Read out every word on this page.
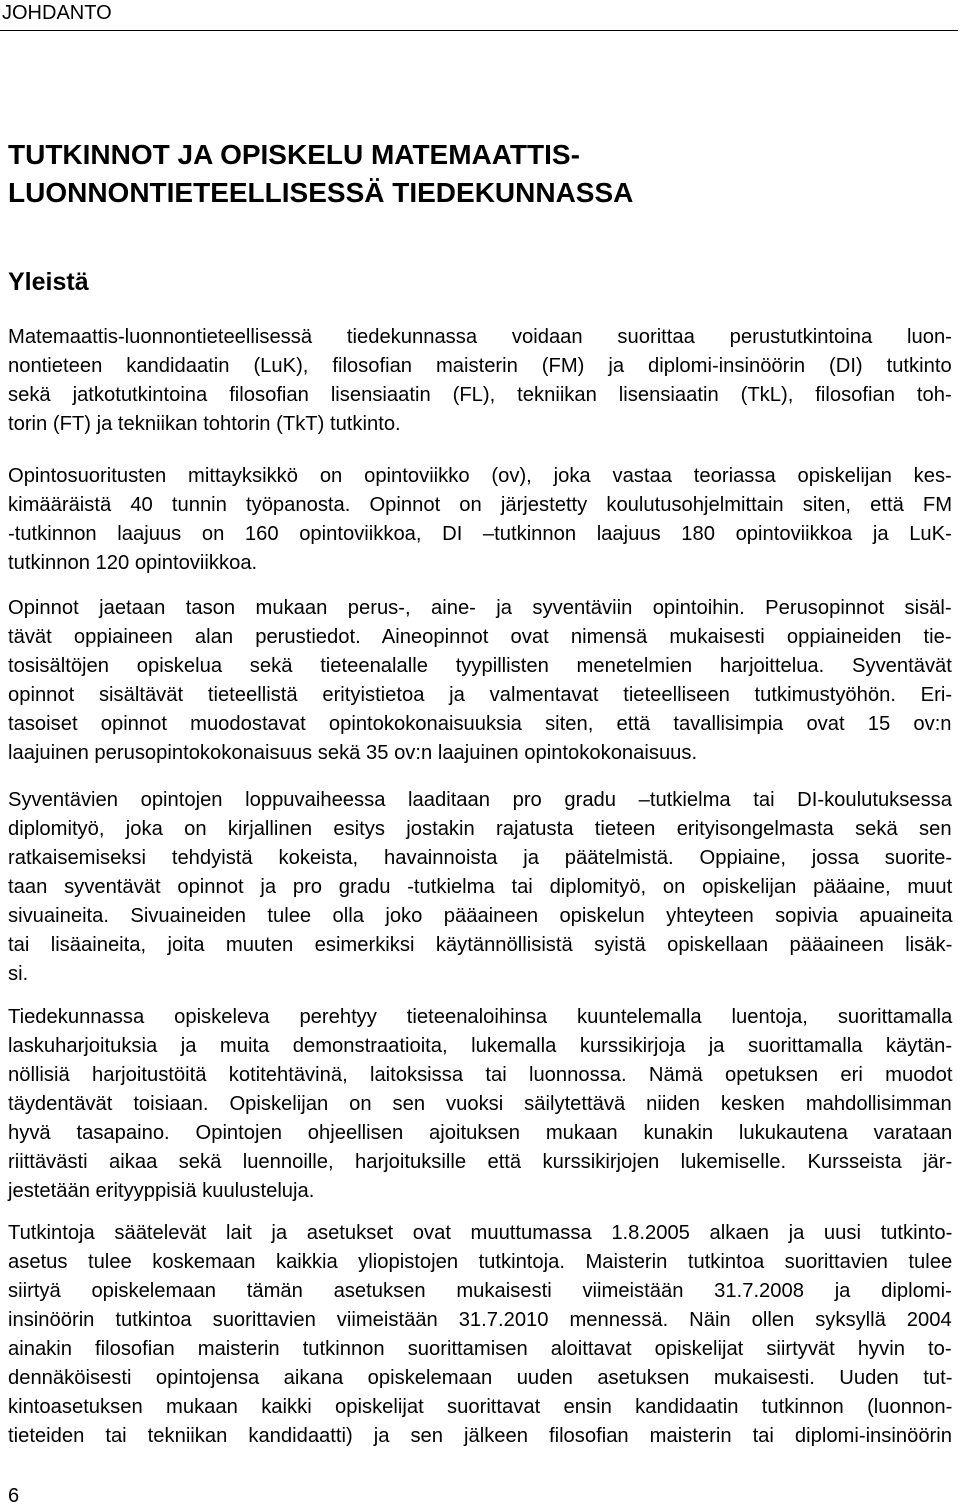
JOHDANTO
TUTKINNOT JA OPISKELU MATEMAATTIS-
LUONNONTIETEELLISESSÄ TIEDEKUNNASSA
Yleistä

Matemaattis-luonnontieteellisessä tiedekunnassa voidaan suorittaa perustutkintoina luon-
nontieteen kandidaatin (LuK), filosofian maisterin (FM) ja diplomi-insinöörin (DI) tutkinto
sekä jatkotutkintoina filosofian lisensiaatin (FL), tekniikan lisensiaatin (TkL), filosofian toh-
torin (FT) ja tekniikan tohtorin (TkT) tutkinto.

Opintosuoritusten mittayksikkö on opintoviikko (ov), joka vastaa teoriassa opiskelijan kes-
kimääräistä 40 tunnin työpanosta. Opinnot on järjestetty koulutusohjelmittain siten, että FM
-tutkinnon laajuus on 160 opintoviikkoa, DI –tutkinnon laajuus 180 opintoviikkoa ja LuK-
tutkinnon 120 opintoviikkoa.

Opinnot jaetaan tason mukaan perus-, aine- ja syventäviin opintoihin. Perusopinnot sisäl-
tävät oppiaineen alan perustiedot. Aineopinnot ovat nimensä mukaisesti oppiaineiden tie-
tosisältöjen opiskelua sekä tieteenalalle tyypillisten menetelmien harjoittelua. Syventävät
opinnot sisältävät tieteellistä erityistietoa ja valmentavat tieteelliseen tutkimustyöhön. Eri-
tasoiset opinnot muodostavat opintokokonaisuuksia siten, että tavallisimpia ovat 15 ov:n
laajuinen perusopintokokonaisuus sekä 35 ov:n laajuinen opintokokonaisuus.

Syventävien opintojen loppuvaiheessa laaditaan pro gradu –tutkielma tai DI-koulutuksessa
diplomityö, joka on kirjallinen esitys jostakin rajatusta tieteen erityisongelmasta sekä sen
ratkaisemiseksi tehdyistä kokeista, havainnoista ja päätelmistä. Oppiaine, jossa suorite-
taan syventävät opinnot ja pro gradu -tutkielma tai diplomityö, on opiskelijan pääaine, muut
sivuaineita. Sivuaineiden tulee olla joko pääaineen opiskelun yhteyteen sopivia apuaineita
tai lisäaineita, joita muuten esimerkiksi käytännöllisistä syistä opiskellaan pääaineen lisäk-
si.

Tiedekunnassa opiskeleva perehtyy tieteenaloihinsa kuuntelemalla luentoja, suorittamalla
laskuharjoituksia ja muita demonstraatioita, lukemalla kurssikirjoja ja suorittamalla käytän-
nöllisiä harjoitustöitä kotitehtävinä, laitoksissa tai luonnossa. Nämä opetuksen eri muodot
täydentävät toisiaan. Opiskelijan on sen vuoksi säilytettävä niiden kesken mahdollisimman
hyvä tasapaino. Opintojen ohjeellisen ajoituksen mukaan kunakin lukukautena varataan
riittävästi aikaa sekä luennoille, harjoituksille että kurssikirjojen lukemiselle. Kursseista jär-
jestetään erityyppisiä kuulusteluja.

Tutkintoja säätelevät lait ja asetukset ovat muuttumassa 1.8.2005 alkaen ja uusi tutkinto-
asetus tulee koskemaan kaikkia yliopistojen tutkintoja. Maisterin tutkintoa suorittavien tulee
siirtyä opiskelemaan tämän asetuksen mukaisesti viimeistään 31.7.2008 ja diplomi-
insinöörin tutkintoa suorittavien viimeistään 31.7.2010 mennessä. Näin ollen syksyllä 2004
ainakin filosofian maisterin tutkinnon suorittamisen aloittavat opiskelijat siirtyvät hyvin to-
dennäköisesti opintojensa aikana opiskelemaan uuden asetuksen mukaisesti. Uuden tut-
kintoasetuksen mukaan kaikki opiskelijat suorittavat ensin kandidaatin tutkinnon (luonnon-
tieteiden tai tekniikan kandidaatti) ja sen jälkeen filosofian maisterin tai diplomi-insinöörin

6
